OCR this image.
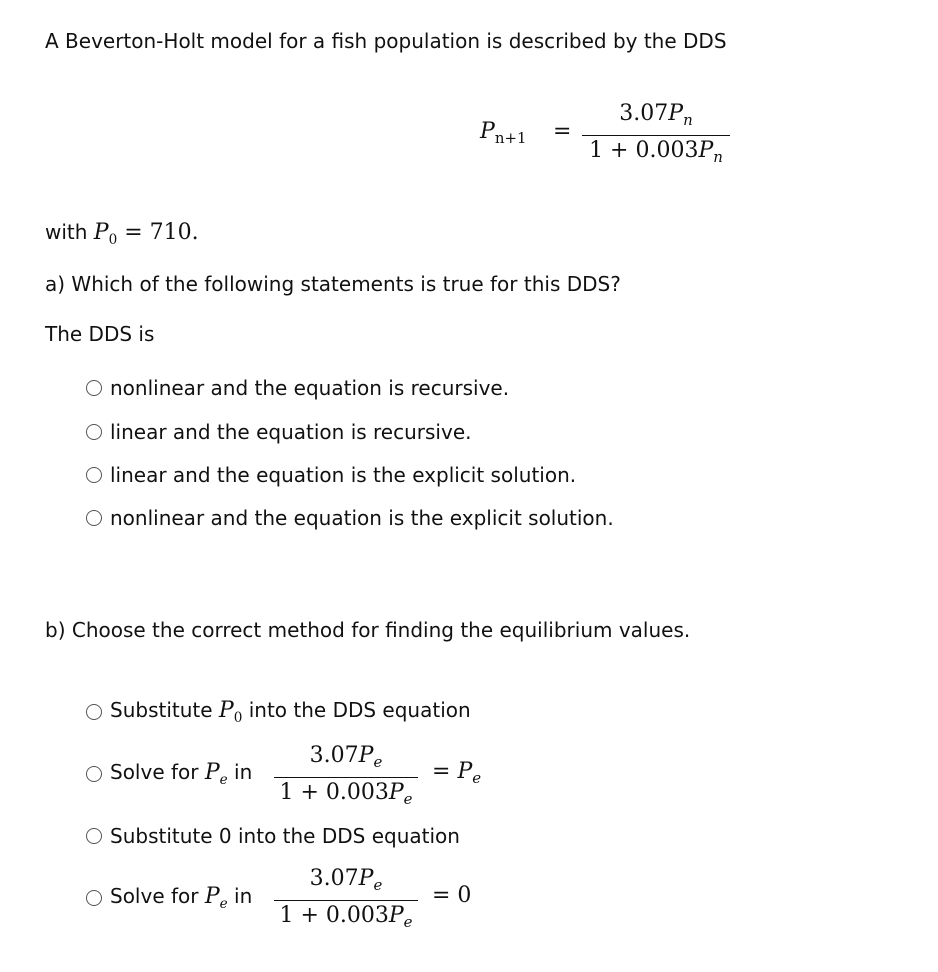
A Beverton-Holt model for a fish population is described by the DDS
$P_{n+1}$ =
$3.07P_n$
$1 + 0.003P_n$
with $P_0 = 710$.
a) Which of the following statements is true for this DDS?
The DDS is
nonlinear and the equation is recursive.
linear and the equation is recursive.
linear and the equation is the explicit solution.
nonlinear and the equation is the explicit solution.
b) Choose the correct method for finding the equilibrium values.
Substitute $P_0$ into the DDS equation
Solve for $P_e$ in
$3.07P_e$
$1 + 0.003P_e$
= $P_e$
Substitute 0 into the DDS equation
Solve for $P_e$ in
$3.07P_e$
$1 + 0.003P_e$
= 0
